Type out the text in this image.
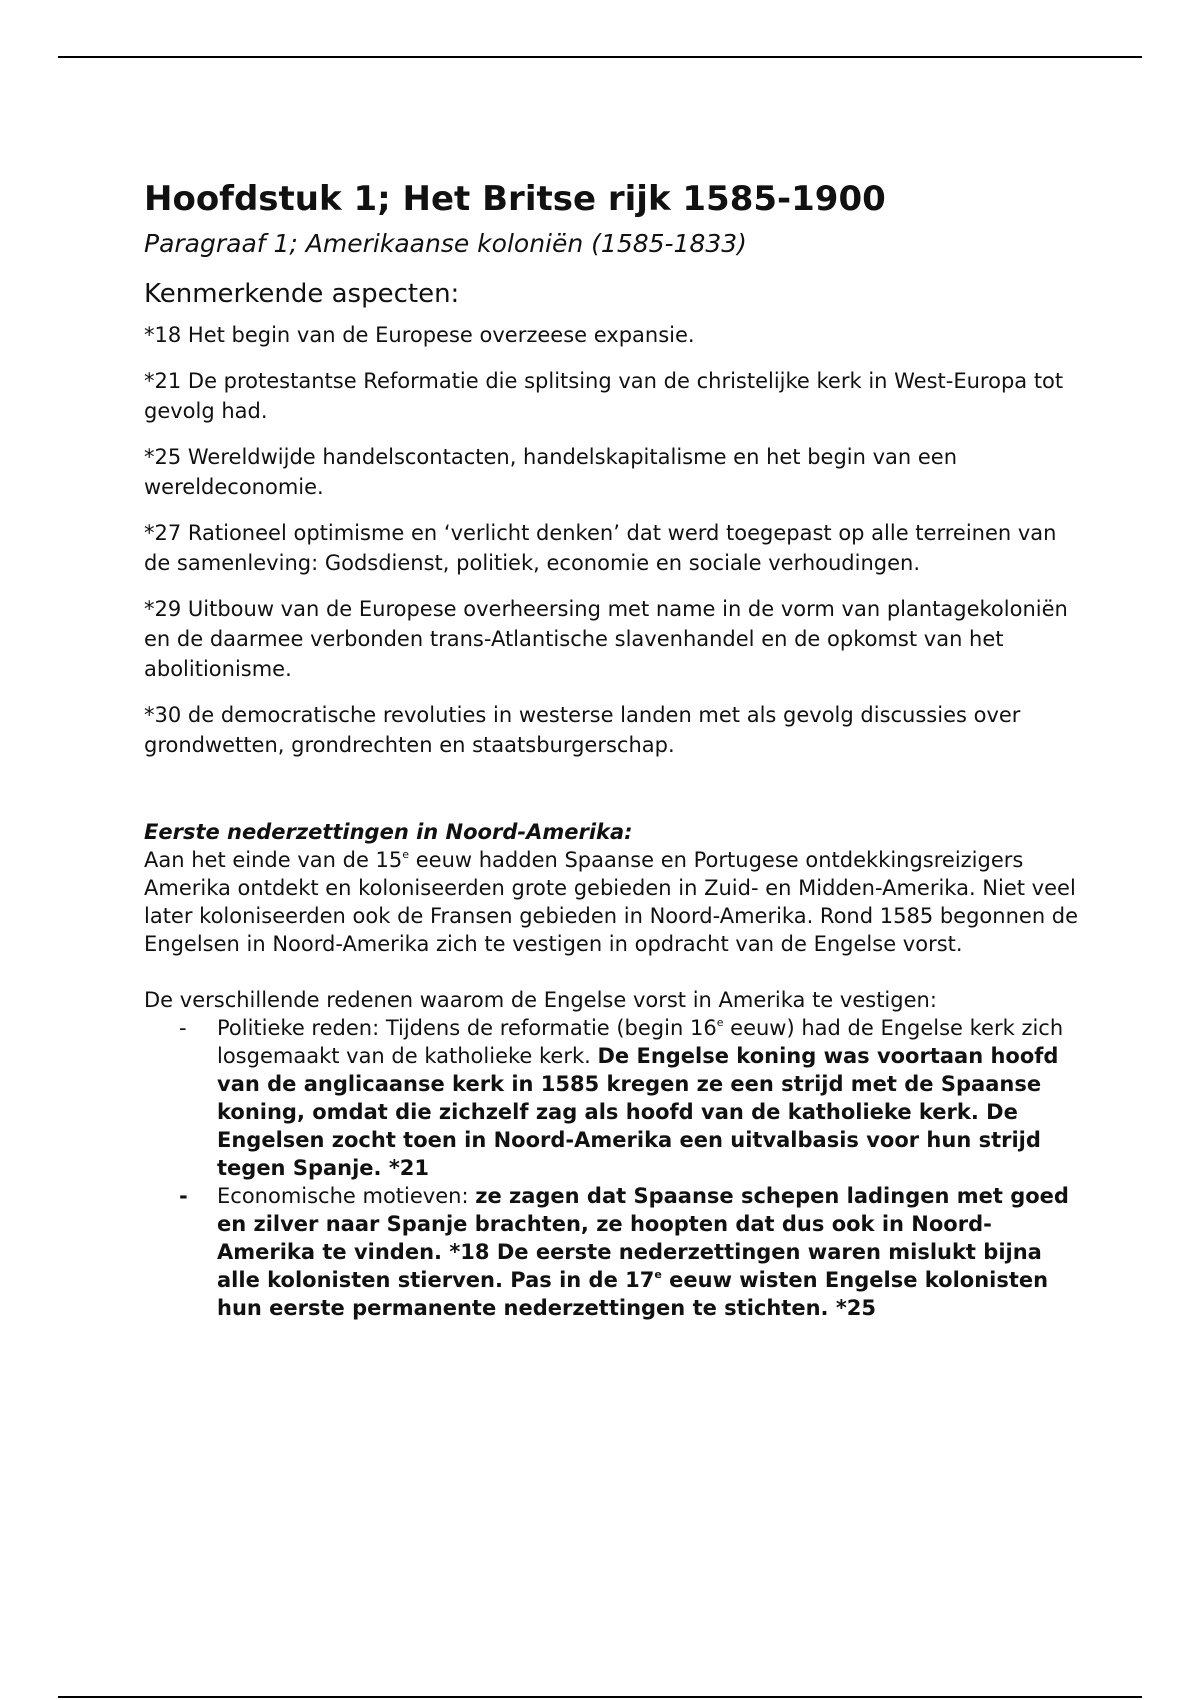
Hoofdstuk 1; Het Britse rijk 1585-1900

Paragraaf 1; Amerikaanse koloniën (1585-1833)

Kenmerkende aspecten:

*18 Het begin van de Europese overzeese expansie.

*21 De protestantse Reformatie die splitsing van de christelijke kerk in West-Europa tot gevolg had.

*25 Wereldwijde handelscontacten, handelskapitalisme en het begin van een wereldeconomie.

*27 Rationeel optimisme en ‘verlicht denken’ dat werd toegepast op alle terreinen van de samenleving: Godsdienst, politiek, economie en sociale verhoudingen.

*29 Uitbouw van de Europese overheersing met name in de vorm van plantagekoloniën en de daarmee verbonden trans-Atlantische slavenhandel en de opkomst van het abolitionisme.

*30 de democratische revoluties in westerse landen met als gevolg discussies over grondwetten, grondrechten en staatsburgerschap.

Eerste nederzettingen in Noord-Amerika:

Aan het einde van de 15e eeuw hadden Spaanse en Portugese ontdekkingsreizigers Amerika ontdekt en koloniseerden grote gebieden in Zuid- en Midden-Amerika. Niet veel later koloniseerden ook de Fransen gebieden in Noord-Amerika. Rond 1585 begonnen de Engelsen in Noord-Amerika zich te vestigen in opdracht van de Engelse vorst.

De verschillende redenen waarom de Engelse vorst in Amerika te vestigen:

- Politieke reden: Tijdens de reformatie (begin 16e eeuw) had de Engelse kerk zich losgemaakt van de katholieke kerk. De Engelse koning was voortaan hoofd van de anglicaanse kerk in 1585 kregen ze een strijd met de Spaanse koning, omdat die zichzelf zag als hoofd van de katholieke kerk. De Engelsen zocht toen in Noord-Amerika een uitvalbasis voor hun strijd tegen Spanje. *21
- Economische motieven: ze zagen dat Spaanse schepen ladingen met goed en zilver naar Spanje brachten, ze hoopten dat dus ook in Noord-Amerika te vinden. *18 De eerste nederzettingen waren mislukt bijna alle kolonisten stierven. Pas in de 17e eeuw wisten Engelse kolonisten hun eerste permanente nederzettingen te stichten. *25
